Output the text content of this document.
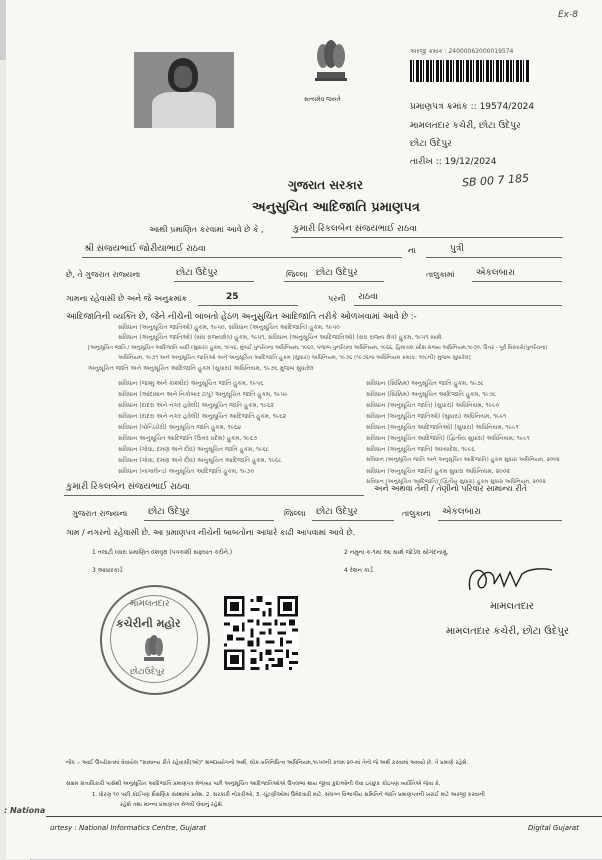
Ex-8
સત્યમેવ જયતે
અરજી ક્રમાંક : 24000062000019574
પ્રમાણપત્ર ક્રમાંક :: 19574/2024
મામલતદાર કચેરી, છોટા ઉદેપુર
છોટા ઉદેપુર
તારીખ :: 19/12/2024
SB 00 7 185
ગુજરાત સરકાર
અનુસુચિત આદિજાતિ પ્રમાણપત્ર
આથી પ્રમાણિત કરવામાં આવે છે કે ,	કુમારી રિંકલબેન સંજયભાઈ રાઠવા
શ્રી સંજયભાઈ જોરીયાભાઈ રાઠવા	ના	પુત્રી
છે, તે ગુજરાત રાજ્યના	છોટા ઉદેપુર	જિલ્લા છોટા ઉદેપુર	તાલુકામાં એકલબારા
ગામના રહેવાસી છે અને જે અનુક્રમાંક	25	પરની રાઠવા
આદિજાતિની વ્યક્તિ છે, જેને નીચેની બાબતો હેઠળ અનુસુચિત આદિજાતિ તરીકે ઓળખવામાં આવે છે :-
સંવિધાન (અનુસૂચિત જાતિઓ) હુકમ, ૧૯૫૦, સંવિધાન (અનુસૂચિત આદિજાતિ) હુકમ, ૧૯૫૦
સંવિધાન (અનુસૂચિત જાતિઓ) (સંઘ રાજ્યક્ષેત્ર) હુકમ, ૧૯૫૧, સંવિધાન (અનુસૂચિત આદિજાતિઓ) (સંઘ રાજ્ય ક્ષેત્ર) હુકમ, ૧૯૫૧ સાથે
[અનુસૂચિત જાતિ / અનુસૂચિત આદિજાતિ યાદી (સુધારા) હુકમ, ૧૯૫૬, મુંબઈ પુનર્રચના અધિનિયમ, ૧૯૬૦, પંજાબ પુનર્રચના અધિનિયમ, ૧૯૬૬, હિમાચલ પ્રદેશ રાજ્ય અધિનિયમ,૧૯૭૦, ઉત્તર - પૂર્વ વિસ્તારો(પુનર્રચના)
અધિનિયમ, ૧૯૭૧ અને અનુસૂચિત જાતિઓ અને અનુસૂચિત આદિજાતિ હુકમ (સુધારા) અધિનિયમ, ૧૯૭૬ (૧૯૭૬ના અધિનિયમ ક્રમાંક: ૧૦૮ની) મુજબ સુધારેલ]
અનુસૂચિત જાતિ અને અનુસૂચિત આદિજાતિ હુકમ (સુધારા) અધિનિયમ, ૧૯૭૬ મુજબ સુધારેલ
સંવિધાન (જમ્મુ અને કાશ્મીર) અનુસૂચિત જાતિ હુકમ, ૧૯૫૬
સંવિધાન (આંદામાન અને નિકોબાર ટાપુ) અનુસૂચિત જાતિ હુકમ, ૧૯૫૯
સંવિધાન (દાદરા અને નગર હવેલી) અનુસૂચિત જાતિ હુકમ, ૧૯૬૨
સંવિધાન (દાદરા અને નગર હવેલી) અનુસૂચિત આદિજાતિ હુકમ, ૧૯૬૨
સંવિધાન (પોન્ડિચેરી) અનુસૂચિત જાતિ હુકમ, ૧૯૬૪
સંવિધાન અનુસૂચિત આદિજાતિ (ઉત્તર પ્રદેશ) હુકમ, ૧૯૬૭
સંવિધાન (ગોવા, દમણ અને દીવ) અનુસૂચિત જાતિ હુકમ, ૧૯૬૮
સંવિધાન (ગોવા, દમણ અને દીવ) અનુસૂચિત આદિજાતિ હુકમ, ૧૯૬૮
સંવિધાન (નાગાલેન્ડ) અનુસૂચિત આદિજાતિ હુકમ, ૧૯૭૦
સંવિધાન (સિક્કિમ) અનુસૂચિત જાતિ હુકમ, ૧૯૭૮
સંવિધાન (સિક્કિમ) અનુસૂચિત આદિજાતિ હુકમ, ૧૯૭૮
સંવિધાન (અનુસૂચિત જાતિ) (સુધારા) અધિનિયમ, ૧૯૯૦
સંવિધાન (અનુસૂચિત જાતિઓ) (સુધારા) અધિનિયમ, ૧૯૯૧
સંવિધાન (અનુસૂચિત આદિજાતિઓ) (સુધારા) અધિનિયમ, ૧૯૯૧
સંવિધાન (અનુસૂચિત આદિજાતિ) (દ્વિતીય સુધારા) અધિનિયમ, ૧૯૯૧
સંવિધાન (અનુસૂચિત જાતિ) અધ્યાદેશ, ૧૯૯૬
સંવિધાન (અનુસૂચિત જાતિ અને અનુસૂચિત આદિજાતિ) હુકમ સુધારા અધિનિયમ, ૨૦૦૨
સંવિધાન (અનુસૂચિત જાતિ) હુકમ સુધારા અધિનિયમ, ૨૦૦૨
સંવિધાન (અનુસૂચિત આદિજાતિ) (દ્વિતીય સુધારા) હુકમ સુધારા અધિનિયમ, ૨૦૦૨
કુમારી રિંકલબેન સંજયભાઈ રાઠવા	અને અથવા તેની / તેણીનો પરિવાર સામાન્ય રીતે
ગુજરાત રાજ્યના છોટા ઉદેપુર	જિલ્લા છોટા ઉદેપુર	તાલુકાના એકલબારા
ગામ / નગરનો રહેવાસી છે. આ પ્રમાણપત્ર નીચેની બાબતોના આધારે કાઢી આપવામાં આવે છે.
1 તલાટી ધ્વારા પ્રમાણિત વંશવૃક્ષ (પત્રકાશી સફ્યાત કરીને.)	2 નમુના ક-૧માં આ સાથે જોડેલ સોગંદનામું.
3 આધારકાર્ડ	4 રેશન કાર્ડ
મામલતદાર
કચેરીની મહોર
છોટાઉદેપુર
મામલતદાર
મામલતદાર કચેરી, છોટા ઉદેપુર
નોંધ :- આઈ ઉપરોક્તમાં વેવાયેલ "સામાન્ય રીતે રહેવાસી(ઓ)" શબ્દપ્રયોગનો અર્થ, લોક-પ્રતિનિધિત્વ અધિનિયમ,૧૯૫૦ની કલમ ૨૦-માં તેનો જે અર્થ કરવામાં આવ્યો છે, તે પ્રમાણે રહેશે.
સક્ષમ સત્તાધિકારી પાસેથી અનુસૂચિત આદિજાતિ પ્રમાણપત્ર મેળવ્યા પછી અનુસૂચિત આદિજાતિઓએ ઉપલબ્ધ થાય જીવા કુદાઓની લેવા ઇચ્છુક કોઇપણ વ્યક્તિએ જેવા કે,
1. ધોરણ ૧૦ પછી કોઈપણ શૈક્ષણિક સંસ્થામાં પ્રવેશ, 2. સરકારી નોકરીઓ, 3. ચૂંટણીઓમાં ઉમેદવારી માટે, સંલગ્ન વિભાગીય સમિતિને જાતિ પ્રમાણપત્રની ખરાઈ માટે અરજી કરવાની
રહેશે તથા માન્ના પ્રમાણપત્ર મેળવી લેવાનું રહેશે.
urtesy : National Informatics Centre, Gujarat	Digital Gujarat
: Nationa
